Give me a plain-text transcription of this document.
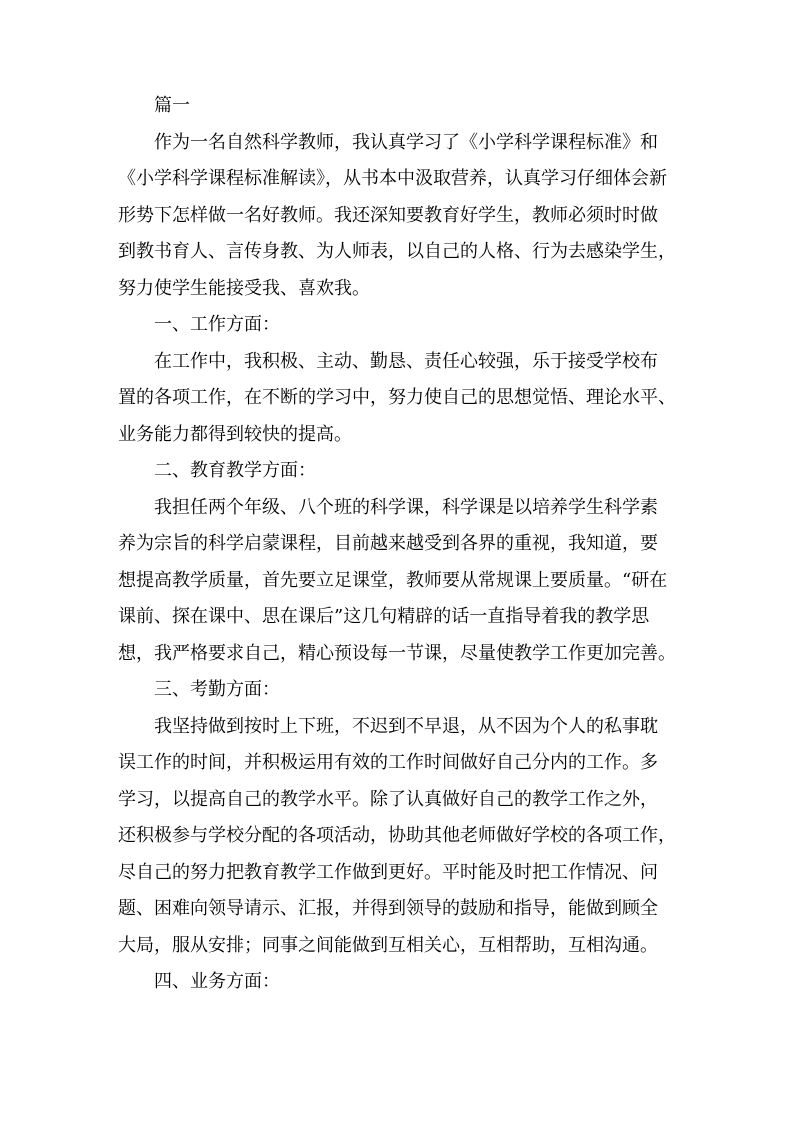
篇一
作为一名自然科学教师，我认真学习了《小学科学课程标准》和
《小学科学课程标准解读》，从书本中汲取营养，认真学习仔细体会新
形势下怎样做一名好教师。我还深知要教育好学生，教师必须时时做
到教书育人、言传身教、为人师表，以自己的人格、行为去感染学生，
努力使学生能接受我、喜欢我。
一、工作方面：
在工作中，我积极、主动、勤恳、责任心较强，乐于接受学校布
置的各项工作，在不断的学习中，努力使自己的思想觉悟、理论水平、
业务能力都得到较快的提高。
二、教育教学方面：
我担任两个年级、八个班的科学课，科学课是以培养学生科学素
养为宗旨的科学启蒙课程，目前越来越受到各界的重视，我知道，要
想提高教学质量，首先要立足课堂，教师要从常规课上要质量。“研在
课前、探在课中、思在课后”这几句精辟的话一直指导着我的教学思
想，我严格要求自己，精心预设每一节课，尽量使教学工作更加完善。
三、考勤方面：
我坚持做到按时上下班，不迟到不早退，从不因为个人的私事耽
误工作的时间，并积极运用有效的工作时间做好自己分内的工作。多
学习，以提高自己的教学水平。除了认真做好自己的教学工作之外，
还积极参与学校分配的各项活动，协助其他老师做好学校的各项工作，
尽自己的努力把教育教学工作做到更好。平时能及时把工作情况、问
题、困难向领导请示、汇报，并得到领导的鼓励和指导，能做到顾全
大局，服从安排；同事之间能做到互相关心，互相帮助，互相沟通。
四、业务方面：
